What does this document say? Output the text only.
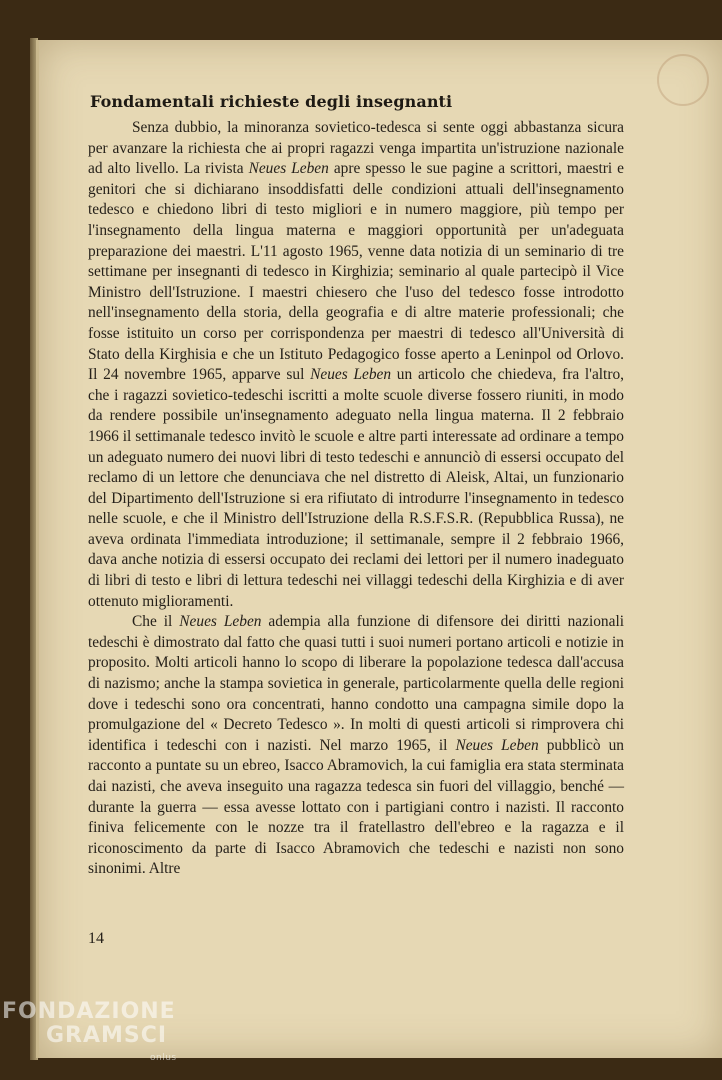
Fondamentali richieste degli insegnanti

Senza dubbio, la minoranza sovietico-tedesca si sente oggi abbastanza sicura per avanzare la richiesta che ai propri ragazzi venga impartita un'istruzione nazionale ad alto livello. La rivista Neues Leben apre spesso le sue pagine a scrittori, maestri e genitori che si dichiarano insoddisfatti delle condizioni attuali dell'insegnamento tedesco e chiedono libri di testo migliori e in numero maggiore, più tempo per l'insegnamento della lingua materna e maggiori opportunità per un'adeguata preparazione dei maestri. L'11 agosto 1965, venne data notizia di un seminario di tre settimane per insegnanti di tedesco in Kirghizia; seminario al quale partecipò il Vice Ministro dell'Istruzione. I maestri chiesero che l'uso del tedesco fosse introdotto nell'insegnamento della storia, della geografia e di altre materie professionali; che fosse istituito un corso per corrispondenza per maestri di tedesco all'Università di Stato della Kirghisia e che un Istituto Pedagogico fosse aperto a Leninpol od Orlovo. Il 24 novembre 1965, apparve sul Neues Leben un articolo che chiedeva, fra l'altro, che i ragazzi sovietico-tedeschi iscritti a molte scuole diverse fossero riuniti, in modo da rendere possibile un'insegnamento adeguato nella lingua materna. Il 2 febbraio 1966 il settimanale tedesco invitò le scuole e altre parti interessate ad ordinare a tempo un adeguato numero dei nuovi libri di testo tedeschi e annunciò di essersi occupato del reclamo di un lettore che denunciava che nel distretto di Aleisk, Altai, un funzionario del Dipartimento dell'Istruzione si era rifiutato di introdurre l'insegnamento in tedesco nelle scuole, e che il Ministro dell'Istruzione della R.S.F.S.R. (Repubblica Russa), ne aveva ordinata l'immediata introduzione; il settimanale, sempre il 2 febbraio 1966, dava anche notizia di essersi occupato dei reclami dei lettori per il numero inadeguato di libri di testo e libri di lettura tedeschi nei villaggi tedeschi della Kirghizia e di aver ottenuto miglioramenti.

Che il Neues Leben adempia alla funzione di difensore dei diritti nazionali tedeschi è dimostrato dal fatto che quasi tutti i suoi numeri portano articoli e notizie in proposito. Molti articoli hanno lo scopo di liberare la popolazione tedesca dall'accusa di nazismo; anche la stampa sovietica in generale, particolarmente quella delle regioni dove i tedeschi sono ora concentrati, hanno condotto una campagna simile dopo la promulgazione del « Decreto Tedesco ». In molti di questi articoli si rimprovera chi identifica i tedeschi con i nazisti. Nel marzo 1965, il Neues Leben pubblicò un racconto a puntate su un ebreo, Isacco Abramovich, la cui famiglia era stata sterminata dai nazisti, che aveva inseguito una ragazza tedesca sin fuori del villaggio, benché — durante la guerra — essa avesse lottato con i partigiani contro i nazisti. Il racconto finiva felicemente con le nozze tra il fratellastro dell'ebreo e la ragazza e il riconoscimento da parte di Isacco Abramovich che tedeschi e nazisti non sono sinonimi. Altre

14
FONDAZIONE
GRAMSCI
onlus
